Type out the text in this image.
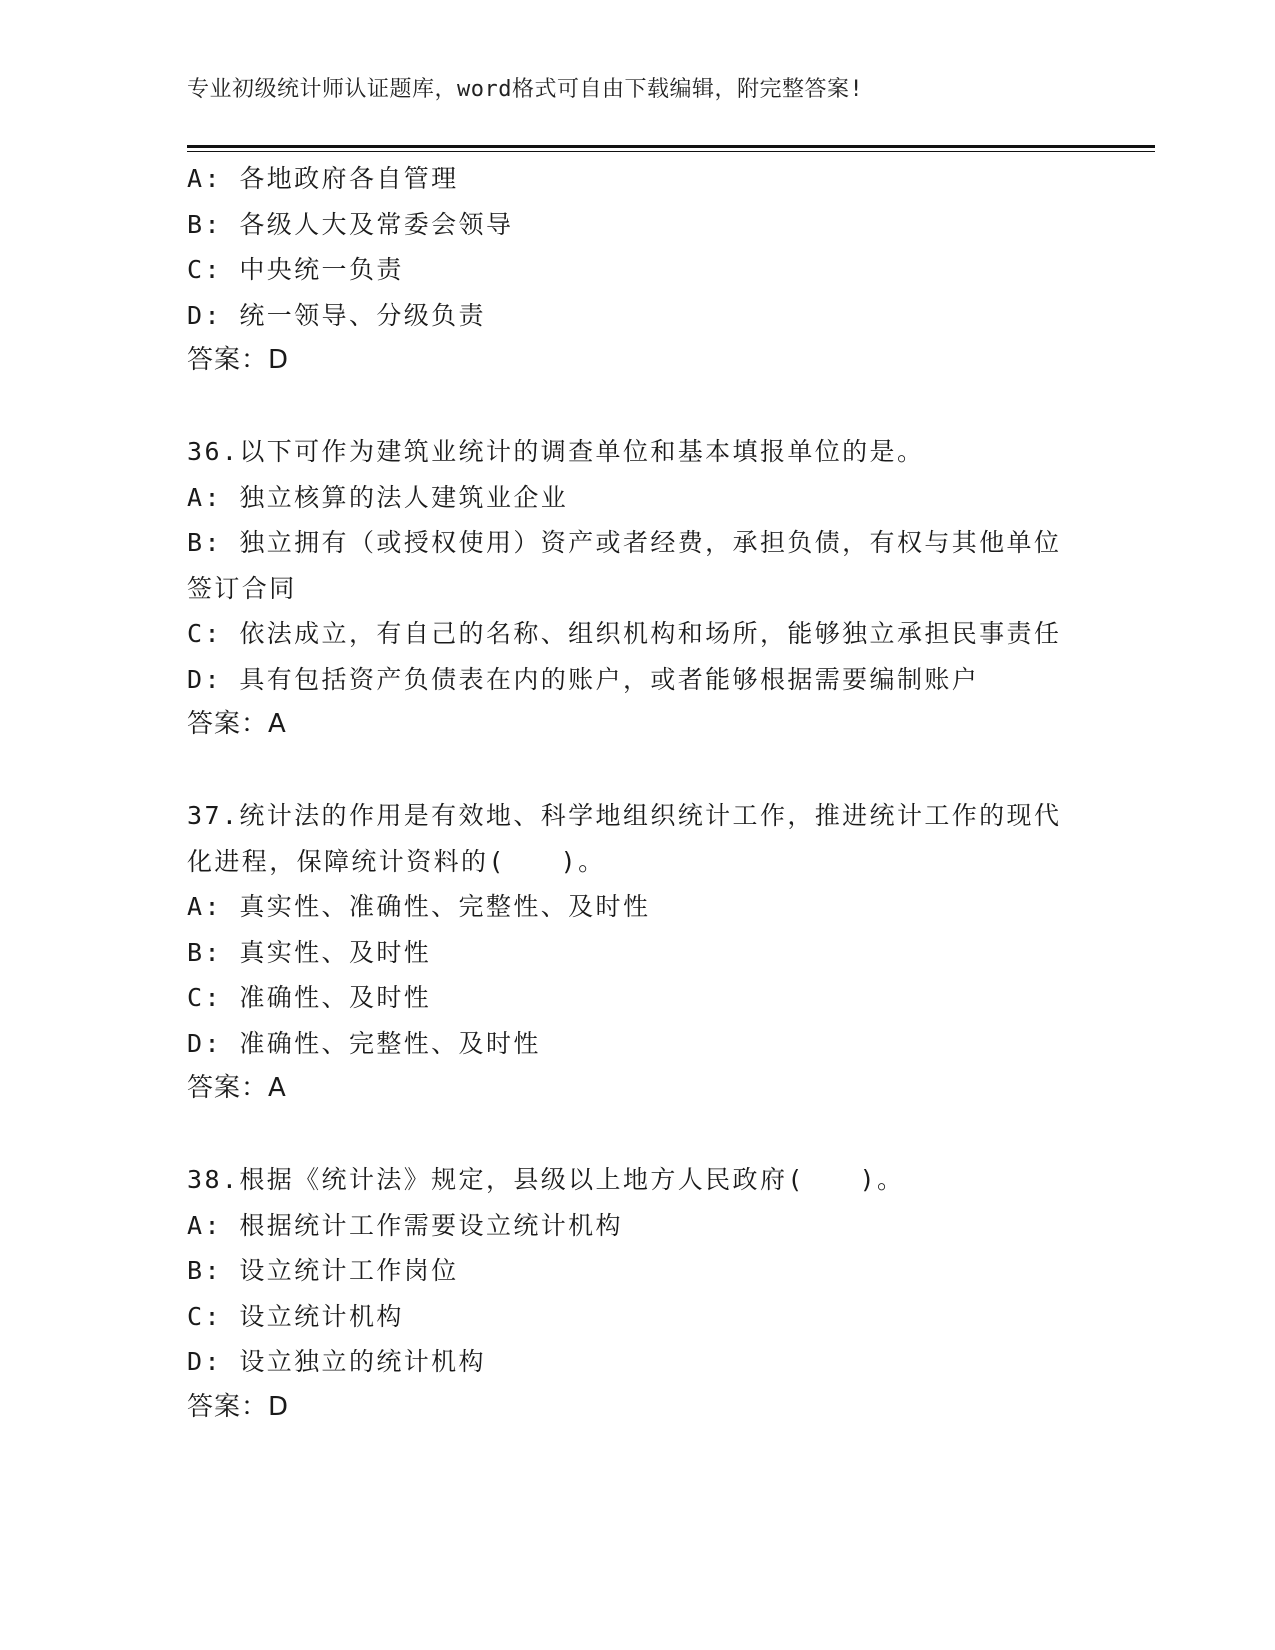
专业初级统计师认证题库，word格式可自由下载编辑，附完整答案!
A: 各地政府各自管理
B: 各级人大及常委会领导
C: 中央统一负责
D: 统一领导、分级负责
答案：D
36.以下可作为建筑业统计的调查单位和基本填报单位的是。
A: 独立核算的法人建筑业企业
B: 独立拥有（或授权使用）资产或者经费，承担负债，有权与其他单位签订合同
C: 依法成立，有自己的名称、组织机构和场所，能够独立承担民事责任
D: 具有包括资产负债表在内的账户，或者能够根据需要编制账户
答案：A
37.统计法的作用是有效地、科学地组织统计工作，推进统计工作的现代化进程，保障统计资料的(　　)。
A: 真实性、准确性、完整性、及时性
B: 真实性、及时性
C: 准确性、及时性
D: 准确性、完整性、及时性
答案：A
38.根据《统计法》规定，县级以上地方人民政府(　　)。
A: 根据统计工作需要设立统计机构
B: 设立统计工作岗位
C: 设立统计机构
D: 设立独立的统计机构
答案：D
